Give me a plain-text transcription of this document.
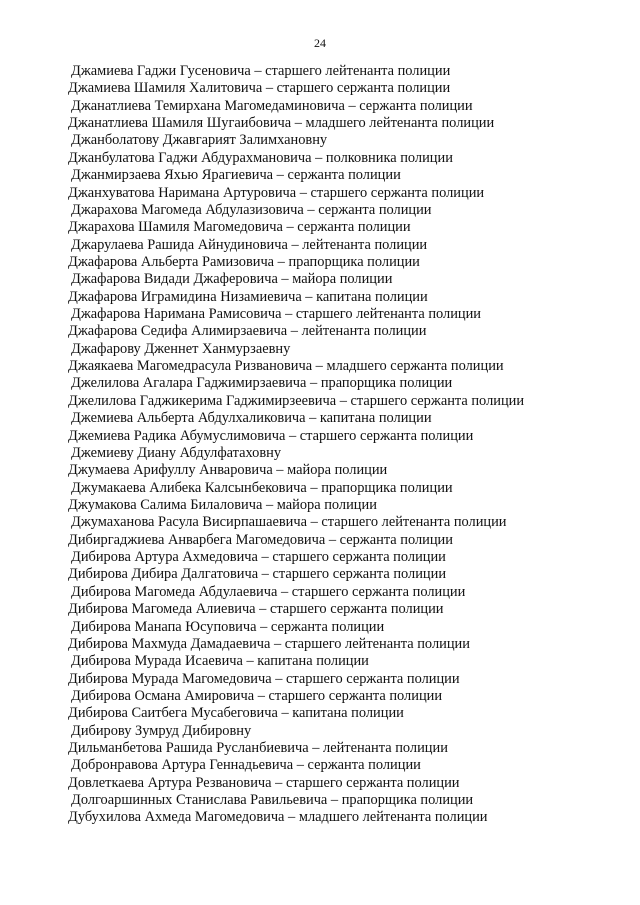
24
Джамиева Гаджи Гусеновича – старшего лейтенанта полиции
Джамиева Шамиля Халитовича – старшего сержанта полиции
Джанатлиева Темирхана Магомедаминовича – сержанта полиции
Джанатлиева Шамиля Шугаибовича – младшего лейтенанта полиции
Джанболатову Джавгарият Залимхановну
Джанбулатова Гаджи Абдурахмановича – полковника полиции
Джанмирзаева Яхью Ярагиевича – сержанта полиции
Джанхуватова Наримана Артуровича – старшего сержанта полиции
Джарахова Магомеда Абдулазизовича – сержанта полиции
Джарахова Шамиля Магомедовича – сержанта полиции
Джарулаева Рашида Айнудиновича – лейтенанта полиции
Джафарова Альберта Рамизовича – прапорщика полиции
Джафарова Видади Джаферовича – майора полиции
Джафарова Играмидина Низамиевича – капитана полиции
Джафарова Наримана Рамисовича – старшего лейтенанта полиции
Джафарова Седифа Алимирзаевича – лейтенанта полиции
Джафарову Дженнет Ханмурзаевну
Джаякаева Магомедрасула Ризвановича – младшего сержанта полиции
Джелилова Агалара Гаджимирзаевича – прапорщика полиции
Джелилова Гаджикерима Гаджимирзеевича – старшего сержанта полиции
Джемиева Альберта Абдулхаликовича – капитана полиции
Джемиева Радика Абумуслимовича – старшего сержанта полиции
Джемиеву Диану Абдулфатаховну
Джумаева Арифуллу Анваровича – майора полиции
Джумакаева Алибека Калсынбековича – прапорщика полиции
Джумакова Салима Билаловича – майора полиции
Джумаханова Расула Висирпашаевича – старшего лейтенанта полиции
Дибиргаджиева Анварбега Магомедовича – сержанта полиции
Дибирова Артура Ахмедовича – старшего сержанта полиции
Дибирова Дибира Далгатовича – старшего сержанта полиции
Дибирова Магомеда Абдулаевича – старшего сержанта полиции
Дибирова Магомеда Алиевича – старшего сержанта полиции
Дибирова Манапа Юсуповича – сержанта полиции
Дибирова Махмуда Дамадаевича – старшего лейтенанта полиции
Дибирова Мурада Исаевича – капитана полиции
Дибирова Мурада Магомедовича – старшего сержанта полиции
Дибирова Османа Амировича – старшего сержанта полиции
Дибирова Саитбега Мусабеговича – капитана полиции
Дибирову Зумруд Дибировну
Дильманбетова Рашида Русланбиевича – лейтенанта полиции
Добронравова Артура Геннадьевича – сержанта полиции
Довлеткаева Артура Резвановича – старшего сержанта полиции
Долгоаршинных Станислава Равильевича – прапорщика полиции
Дубухилова Ахмеда Магомедовича – младшего лейтенанта полиции
